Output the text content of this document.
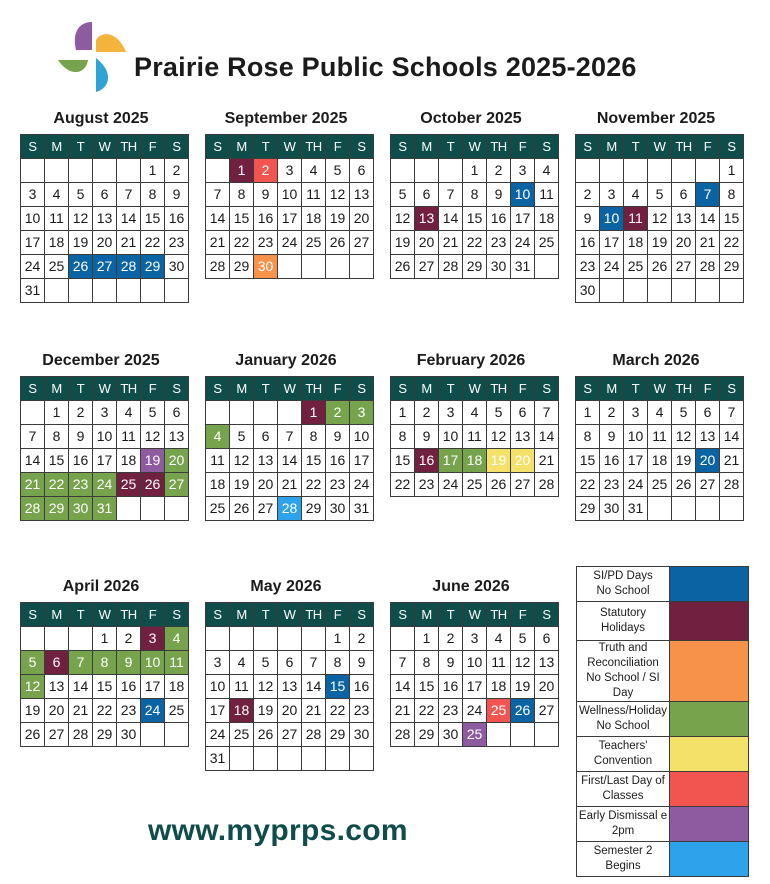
Prairie Rose Public Schools 2025-2026
August 2025
S	M	T	W	TH	F	S
					1	2
3	4	5	6	7	8	9
10	11	12	13	14	15	16
17	18	19	20	21	22	23
24	25	26	27	28	29	30
31						
September 2025
S	M	T	W	TH	F	S
	1	2	3	4	5	6
7	8	9	10	11	12	13
14	15	16	17	18	19	20
21	22	23	24	25	26	27
28	29	30				
October 2025
S	M	T	W	TH	F	S
			1	2	3	4
5	6	7	8	9	10	11
12	13	14	15	16	17	18
19	20	21	22	23	24	25
26	27	28	29	30	31	
November 2025
S	M	T	W	TH	F	S
						1
2	3	4	5	6	7	8
9	10	11	12	13	14	15
16	17	18	19	20	21	22
23	24	25	26	27	28	29
30						
December 2025
S	M	T	W	TH	F	S
	1	2	3	4	5	6
7	8	9	10	11	12	13
14	15	16	17	18	19	20
21	22	23	24	25	26	27
28	29	30	31			
January 2026
S	M	T	W	TH	F	S
				1	2	3
4	5	6	7	8	9	10
11	12	13	14	15	16	17
18	19	20	21	22	23	24
25	26	27	28	29	30	31
February 2026
S	M	T	W	TH	F	S
1	2	3	4	5	6	7
8	9	10	11	12	13	14
15	16	17	18	19	20	21
22	23	24	25	26	27	28
March 2026
S	M	T	W	TH	F	S
1	2	3	4	5	6	7
8	9	10	11	12	13	14
15	16	17	18	19	20	21
22	23	24	25	26	27	28
29	30	31				
April 2026
S	M	T	W	TH	F	S
			1	2	3	4
5	6	7	8	9	10	11
12	13	14	15	16	17	18
19	20	21	22	23	24	25
26	27	28	29	30		
May 2026
S	M	T	W	TH	F	S
					1	2
3	4	5	6	7	8	9
10	11	12	13	14	15	16
17	18	19	20	21	22	23
24	25	26	27	28	29	30
31						
June 2026
S	M	T	W	TH	F	S
	1	2	3	4	5	6
7	8	9	10	11	12	13
14	15	16	17	18	19	20
21	22	23	24	25	26	27
28	29	30	25			
SI/PD Days
No School	

Statutory Holidays	

Truth and
Reconciliation
No School / SI Day	

Wellness/Holiday
No School	

Teachers'
Convention	

First/Last Day of
Classes	

Early Dismissal e
2pm	

Semester 2 Begins	

www.myprps.com
